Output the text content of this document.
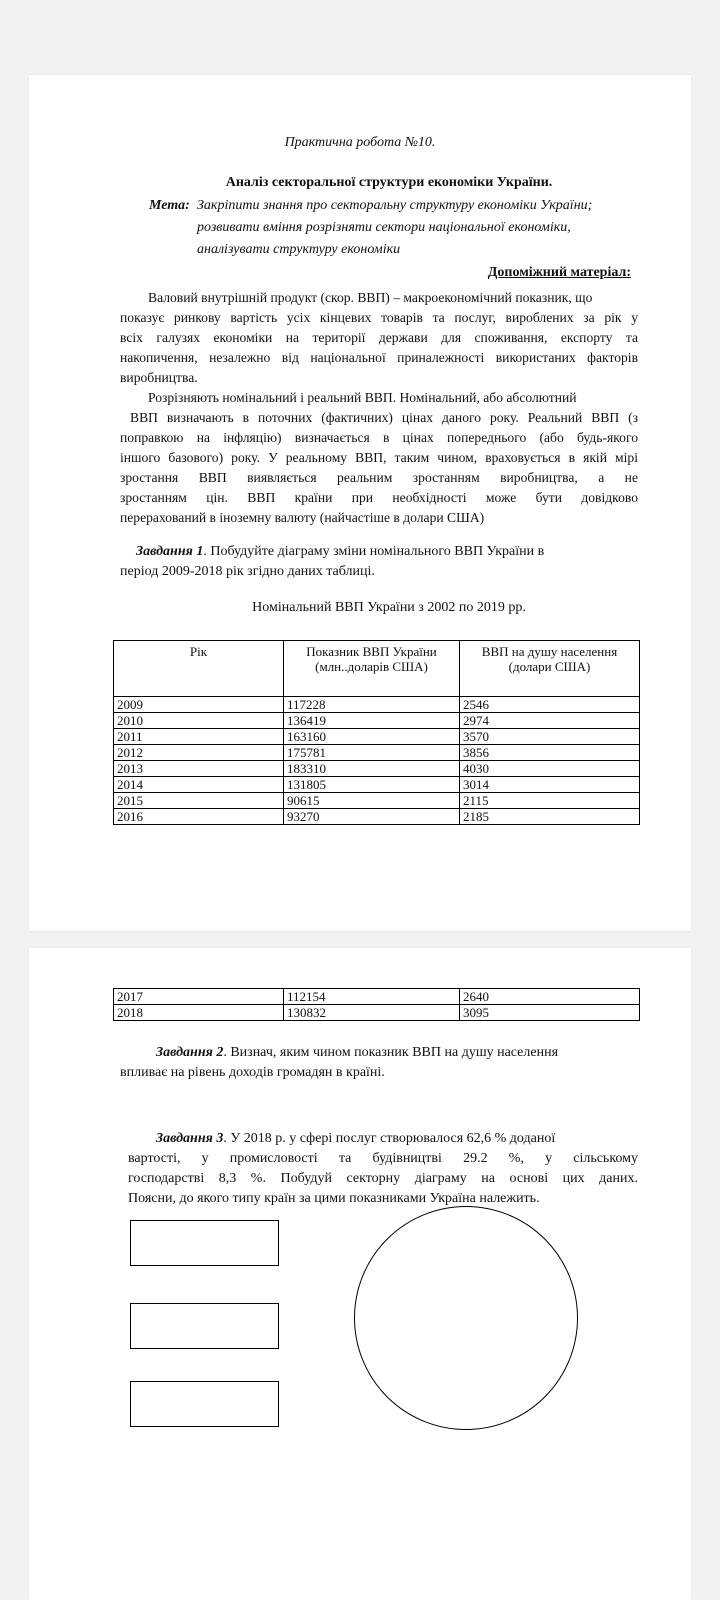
Практична робота №10.
Аналіз секторальної структури економіки України.
Мета: Закріпити знання про секторальну структуру економіки України;
розвивати вміння розрізняти сектори національної економіки,
аналізувати структуру економіки
Допоміжний матеріал:
Валовий внутрішній продукт (скор. ВВП) – макроекономічний показник, що
показує ринкову вартість усіх кінцевих товарів та послуг, вироблених за рік у
всіх галузях економіки на території держави для споживання, експорту та
накопичення, незалежно від національної приналежності використаних факторів
виробництва.
Розрізняють номінальний і реальний ВВП. Номінальний, або абсолютний
ВВП визначають в поточних (фактичних) цінах даного року. Реальний ВВП (з
поправкою на інфляцію) визначається в цінах попереднього (або будь-якого
іншого базового) року. У реальному ВВП, таким чином, враховується в якій мірі
зростання ВВП виявляється реальним зростанням виробництва, а не
зростанням цін. ВВП країни при необхідності може бути довідково
перерахований в іноземну валюту (найчастіше в долари США)
Завдання 1. Побудуйте діаграму зміни номінального ВВП України в
період 2009-2018 рік згідно даних таблиці.
Номінальний ВВП України з 2002 по 2019 рр.
Рік	Показник ВВП України (млн..доларів США)	ВВП на душу населення (долари США)
2009	117228	2546
2010	136419	2974
2011	163160	3570
2012	175781	3856
2013	183310	4030
2014	131805	3014
2015	90615	2115
2016	93270	2185
2017	112154	2640
2018	130832	3095
Завдання 2. Визнач, яким чином показник ВВП на душу населення
впливає на рівень доходів громадян в країні.
Завдання 3. У 2018 р. у сфері послуг створювалося 62,6 % доданої
вартості, у промисловості та будівництві 29.2 %, у сільському
господарстві 8,3 %. Побудуй секторну діаграму на основі цих даних.
Поясни, до якого типу країн за цими показниками Україна належить.
